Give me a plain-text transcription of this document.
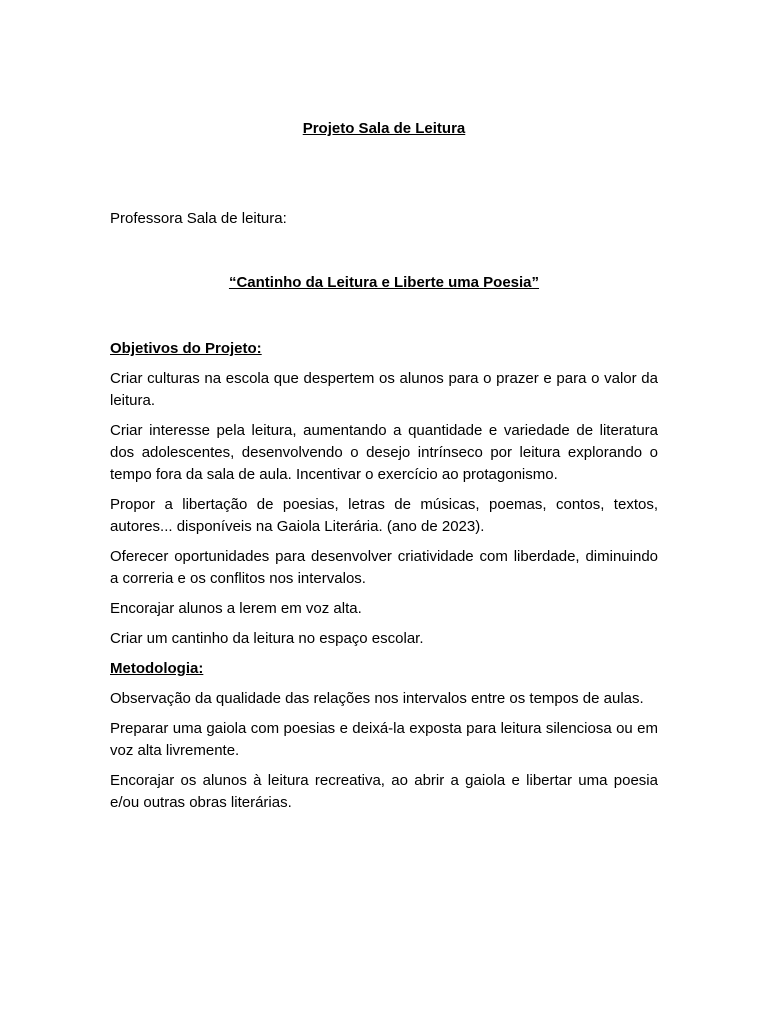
Projeto Sala de Leitura

Professora Sala de leitura:

“Cantinho da Leitura e Liberte uma Poesia”

Objetivos do Projeto:

Criar culturas na escola que despertem os alunos para o prazer e para o valor da leitura.

Criar interesse pela leitura, aumentando a quantidade e variedade de literatura dos adolescentes, desenvolvendo o desejo intrínseco por leitura explorando o tempo fora da sala de aula. Incentivar o exercício ao protagonismo.

Propor a libertação de poesias, letras de músicas, poemas, contos, textos, autores... disponíveis na Gaiola Literária. (ano de 2023).

Oferecer oportunidades para desenvolver criatividade com liberdade, diminuindo a correria e os conflitos nos intervalos.

Encorajar alunos a lerem em voz alta.

Criar um cantinho da leitura no espaço escolar.

Metodologia:

Observação da qualidade das relações nos intervalos entre os tempos de aulas.

Preparar uma gaiola com poesias e deixá-la exposta para leitura silenciosa ou em voz alta livremente.

Encorajar os alunos à leitura recreativa, ao abrir a gaiola e libertar uma poesia e/ou outras obras literárias.
